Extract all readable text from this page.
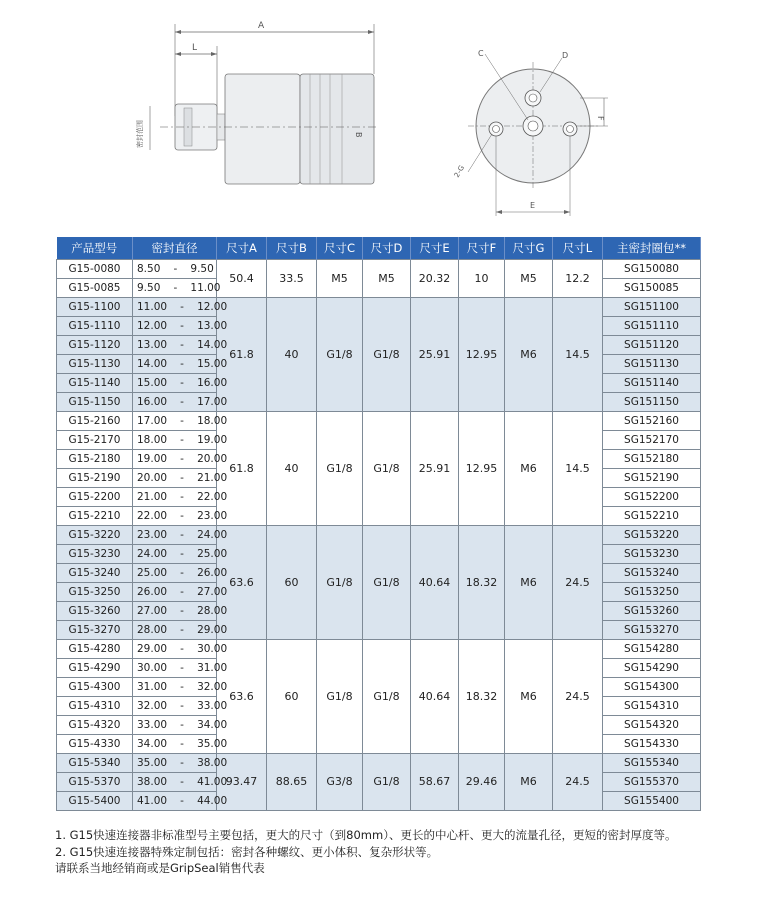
A
L
密封范围	B
C	D
2-G
F
E
产品型号	密封直径	尺寸A	尺寸B	尺寸C	尺寸D	尺寸E	尺寸F	尺寸G	尺寸L	主密封圈包**
G15-0080	8.50 - 9.50	50.4	33.5	M5	M5	20.32	10	M5	12.2	SG150080
G15-0085	9.50 - 11.00									SG150085
G15-1100	11.00 - 12.00	61.8	40	G1/8	G1/8	25.91	12.95	M6	14.5	SG151100
G15-1110	12.00 - 13.00									SG151110
G15-1120	13.00 - 14.00									SG151120
G15-1130	14.00 - 15.00									SG151130
G15-1140	15.00 - 16.00									SG151140
G15-1150	16.00 - 17.00									SG151150
G15-2160	17.00 - 18.00	61.8	40	G1/8	G1/8	25.91	12.95	M6	14.5	SG152160
G15-2170	18.00 - 19.00									SG152170
G15-2180	19.00 - 20.00									SG152180
G15-2190	20.00 - 21.00									SG152190
G15-2200	21.00 - 22.00									SG152200
G15-2210	22.00 - 23.00									SG152210
G15-3220	23.00 - 24.00	63.6	60	G1/8	G1/8	40.64	18.32	M6	24.5	SG153220
G15-3230	24.00 - 25.00									SG153230
G15-3240	25.00 - 26.00									SG153240
G15-3250	26.00 - 27.00									SG153250
G15-3260	27.00 - 28.00									SG153260
G15-3270	28.00 - 29.00									SG153270
G15-4280	29.00 - 30.00	63.6	60	G1/8	G1/8	40.64	18.32	M6	24.5	SG154280
G15-4290	30.00 - 31.00									SG154290
G15-4300	31.00 - 32.00									SG154300
G15-4310	32.00 - 33.00									SG154310
G15-4320	33.00 - 34.00									SG154320
G15-4330	34.00 - 35.00									SG154330
G15-5340	35.00 - 38.00	93.47	88.65	G3/8	G1/8	58.67	29.46	M6	24.5	SG155340
G15-5370	38.00 - 41.00									SG155370
G15-5400	41.00 - 44.00									SG155400
1. G15快速连接器非标准型号主要包括，更大的尺寸（到80mm）、更长的中心杆、更大的流量孔径，更短的密封厚度等。
2. G15快速连接器特殊定制包括：密封各种螺纹、更小体积、复杂形状等。
请联系当地经销商或是GripSeal销售代表
